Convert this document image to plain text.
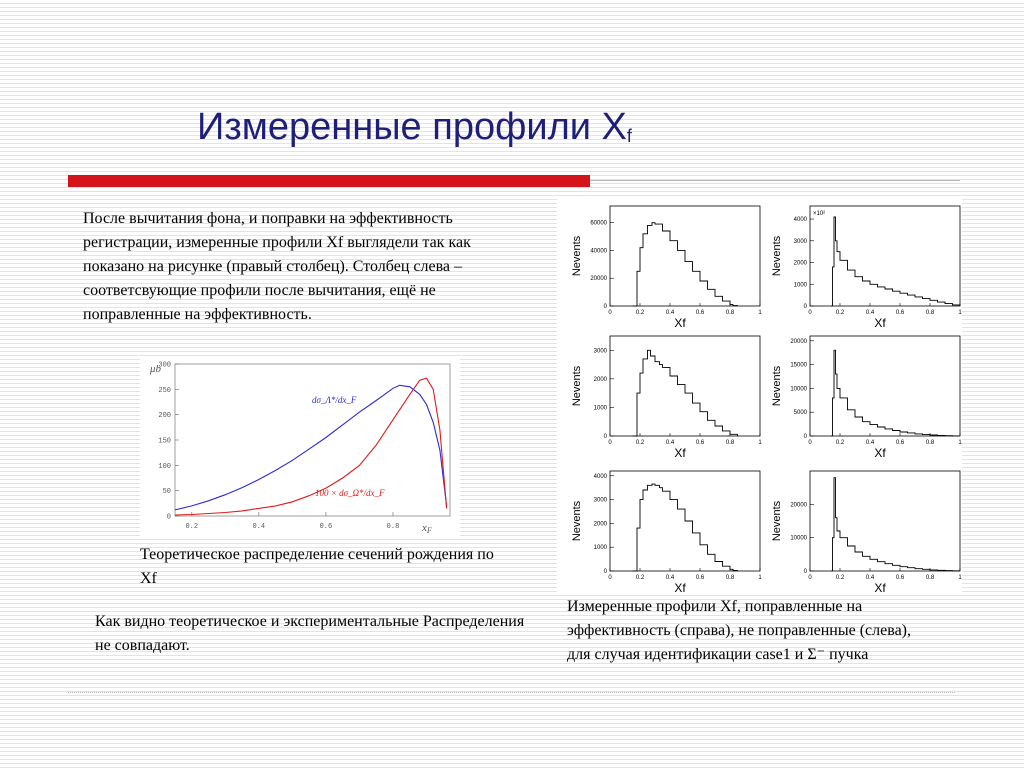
Измеренные профили Xf
После вычитания фона, и поправки на эффективность регистрации, измеренные профили Xf выглядели так как показано на рисунке (правый столбец). Столбец слева – соответсвующие профили после вычитания, ещё не поправленные на эффективность.
0
50
100
150
200
250
300
0.2	0.4	0.6	0.8
μb
xF
dσ_Λ*/dx_F
100 × dσ_Ω*/dx_F
Теоретическое распределение сечений рождения по Xf
Как видно теоретическое и экспериментальные Распределения не совпадают.
0
20000
40000
60000
0	0.2	0.4	0.6	0.8	1
Xf
Nevents
0
1000
2000
3000
4000
0	0.2	0.4	0.6	0.8	1
×10²
Xf
Nevents
0
1000
2000
3000
0	0.2	0.4	0.6	0.8	1
Xf
Nevents
0
5000
10000
15000
20000
0	0.2	0.4	0.6	0.8	1
Xf
Nevents
0
1000
2000
3000
4000
0	0.2	0.4	0.6	0.8	1
Xf
Nevents
0
10000
20000
0	0.2	0.4	0.6	0.8	1
Xf
Nevents
Измеренные профили Xf, поправленные на эффективность (справа), не поправленные (слева), для случая идентификации case1 и Σ⁻ пучка
